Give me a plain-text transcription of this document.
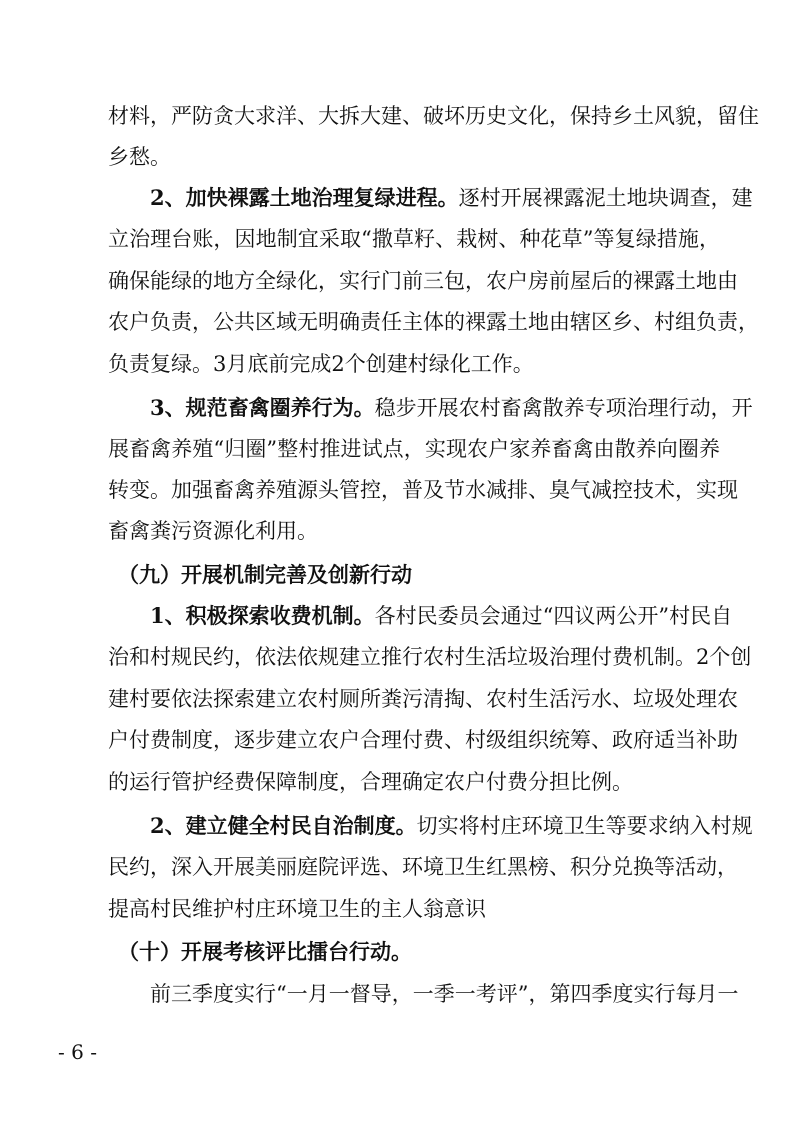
材料，严防贪大求洋、大拆大建、破坏历史文化，保持乡土风貌，留住
乡愁。
2、加快裸露土地治理复绿进程。逐村开展裸露泥土地块调查，建
立治理台账，因地制宜采取“撒草籽、栽树、种花草”等复绿措施，
确保能绿的地方全绿化，实行门前三包，农户房前屋后的裸露土地由
农户负责，公共区域无明确责任主体的裸露土地由辖区乡、村组负责，
负责复绿。3月底前完成2个创建村绿化工作。
3、规范畜禽圈养行为。稳步开展农村畜禽散养专项治理行动，开
展畜禽养殖“归圈”整村推进试点，实现农户家养畜禽由散养向圈养
转变。加强畜禽养殖源头管控，普及节水减排、臭气减控技术，实现
畜禽粪污资源化利用。
（九）开展机制完善及创新行动
1、积极探索收费机制。各村民委员会通过“四议两公开”村民自
治和村规民约，依法依规建立推行农村生活垃圾治理付费机制。2个创
建村要依法探索建立农村厕所粪污清掏、农村生活污水、垃圾处理农
户付费制度，逐步建立农户合理付费、村级组织统筹、政府适当补助
的运行管护经费保障制度，合理确定农户付费分担比例。
2、建立健全村民自治制度。切实将村庄环境卫生等要求纳入村规
民约，深入开展美丽庭院评选、环境卫生红黑榜、积分兑换等活动，
提高村民维护村庄环境卫生的主人翁意识
（十）开展考核评比擂台行动。
前三季度实行“一月一督导，一季一考评”，第四季度实行每月一
- 6 -
